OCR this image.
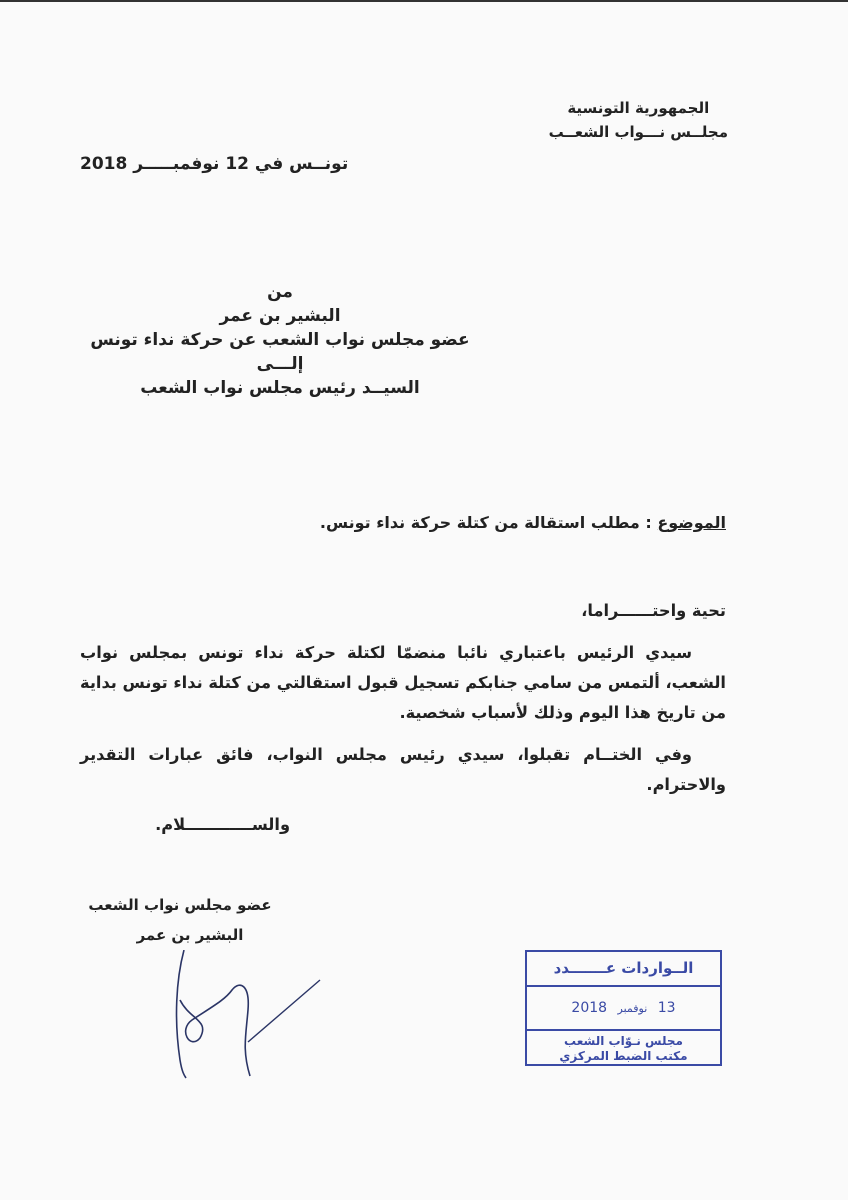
الجمهورية التونسية
مجلــس نـــواب الشعــب
تونــس في 12 نوفمبـــــر 2018
من
البشير بن عمر
عضو مجلس نواب الشعب عن حركة نداء تونس
إلـــى
السيــد رئيس مجلس نواب الشعب
الموضوع : مطلب استقالة من كتلة حركة نداء تونس.

تحية واحتــــــراما،

سيدي الرئيس باعتباري نائبا منضمّا لكتلة حركة نداء تونس بمجلس نواب الشعب، ألتمس من سامي جنابكم تسجيل قبول استقالتي من كتلة نداء تونس بداية من تاريخ هذا اليوم وذلك لأسباب شخصية.

وفي الختــام تقبلوا، سيدي رئيس مجلس النواب، فائق عبارات التقدير والاحترام.

والســــــــــــلام.

عضو مجلس نواب الشعب
البشير بن عمر
الــواردات عـــــــدد
13 نوفمبر 2018
مجلس نـوّاب الشعب
مكتب الضبط المركزي
